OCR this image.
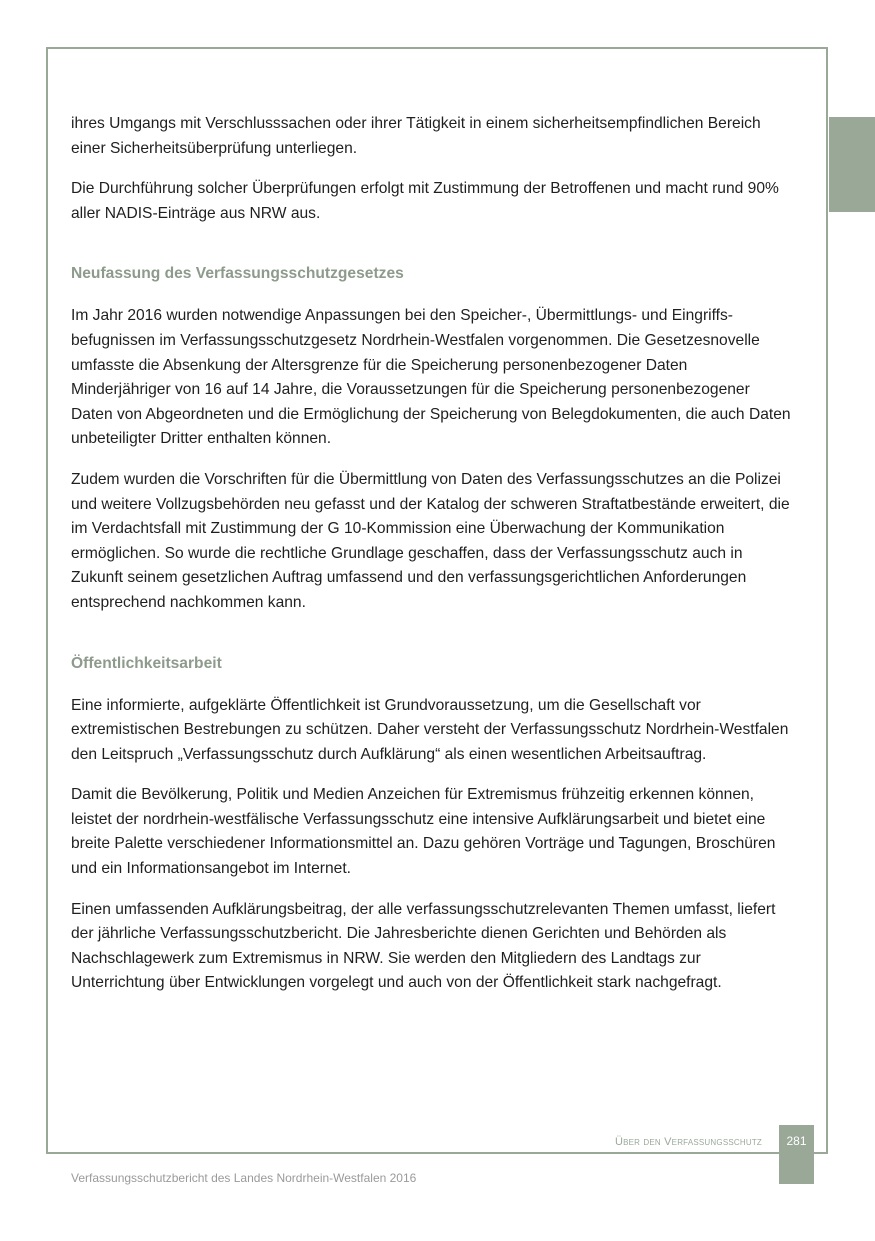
ihres Umgangs mit Verschlusssachen oder ihrer Tätigkeit in einem sicherheitsempfindlichen Bereich einer Sicherheitsüberprüfung unterliegen.

Die Durchführung solcher Überprüfungen erfolgt mit Zustimmung der Betroffenen und macht rund 90% aller NADIS-Einträge aus NRW aus.

Neufassung des Verfassungsschutzgesetzes

Im Jahr 2016 wurden notwendige Anpassungen bei den Speicher-, Übermittlungs- und Eingriffsbefugnissen im Verfassungsschutzgesetz Nordrhein-Westfalen vorgenommen. Die Gesetzesnovelle umfasste die Absenkung der Altersgrenze für die Speicherung personenbezogener Daten Minderjähriger von 16 auf 14 Jahre, die Voraussetzungen für die Speicherung personenbezogener Daten von Abgeordneten und die Ermöglichung der Speicherung von Belegdokumenten, die auch Daten unbeteiligter Dritter enthalten können.

Zudem wurden die Vorschriften für die Übermittlung von Daten des Verfassungsschutzes an die Polizei und weitere Vollzugsbehörden neu gefasst und der Katalog der schweren Straftatbestände erweitert, die im Verdachtsfall mit Zustimmung der G 10-Kommission eine Überwachung der Kommunikation ermöglichen. So wurde die rechtliche Grundlage geschaffen, dass der Verfassungsschutz auch in Zukunft seinem gesetzlichen Auftrag umfassend und den verfassungsgerichtlichen Anforderungen entsprechend nachkommen kann.

Öffentlichkeitsarbeit

Eine informierte, aufgeklärte Öffentlichkeit ist Grundvoraussetzung, um die Gesellschaft vor extremistischen Bestrebungen zu schützen. Daher versteht der Verfassungsschutz Nordrhein-Westfalen den Leitspruch „Verfassungsschutz durch Aufklärung“ als einen wesentlichen Arbeitsauftrag.

Damit die Bevölkerung, Politik und Medien Anzeichen für Extremismus frühzeitig erkennen können, leistet der nordrhein-westfälische Verfassungsschutz eine intensive Aufklärungsarbeit und bietet eine breite Palette verschiedener Informationsmittel an. Dazu gehören Vorträge und Tagungen, Broschüren und ein Informationsangebot im Internet.

Einen umfassenden Aufklärungsbeitrag, der alle verfassungsschutzrelevanten Themen umfasst, liefert der jährliche Verfassungsschutzbericht. Die Jahresberichte dienen Gerichten und Behörden als Nachschlagewerk zum Extremismus in NRW. Sie werden den Mitgliedern des Landtags zur Unterrichtung über Entwicklungen vorgelegt und auch von der Öffentlichkeit stark nachgefragt.

Über den Verfassungsschutz	281
Verfassungsschutzbericht des Landes Nordrhein-Westfalen 2016
